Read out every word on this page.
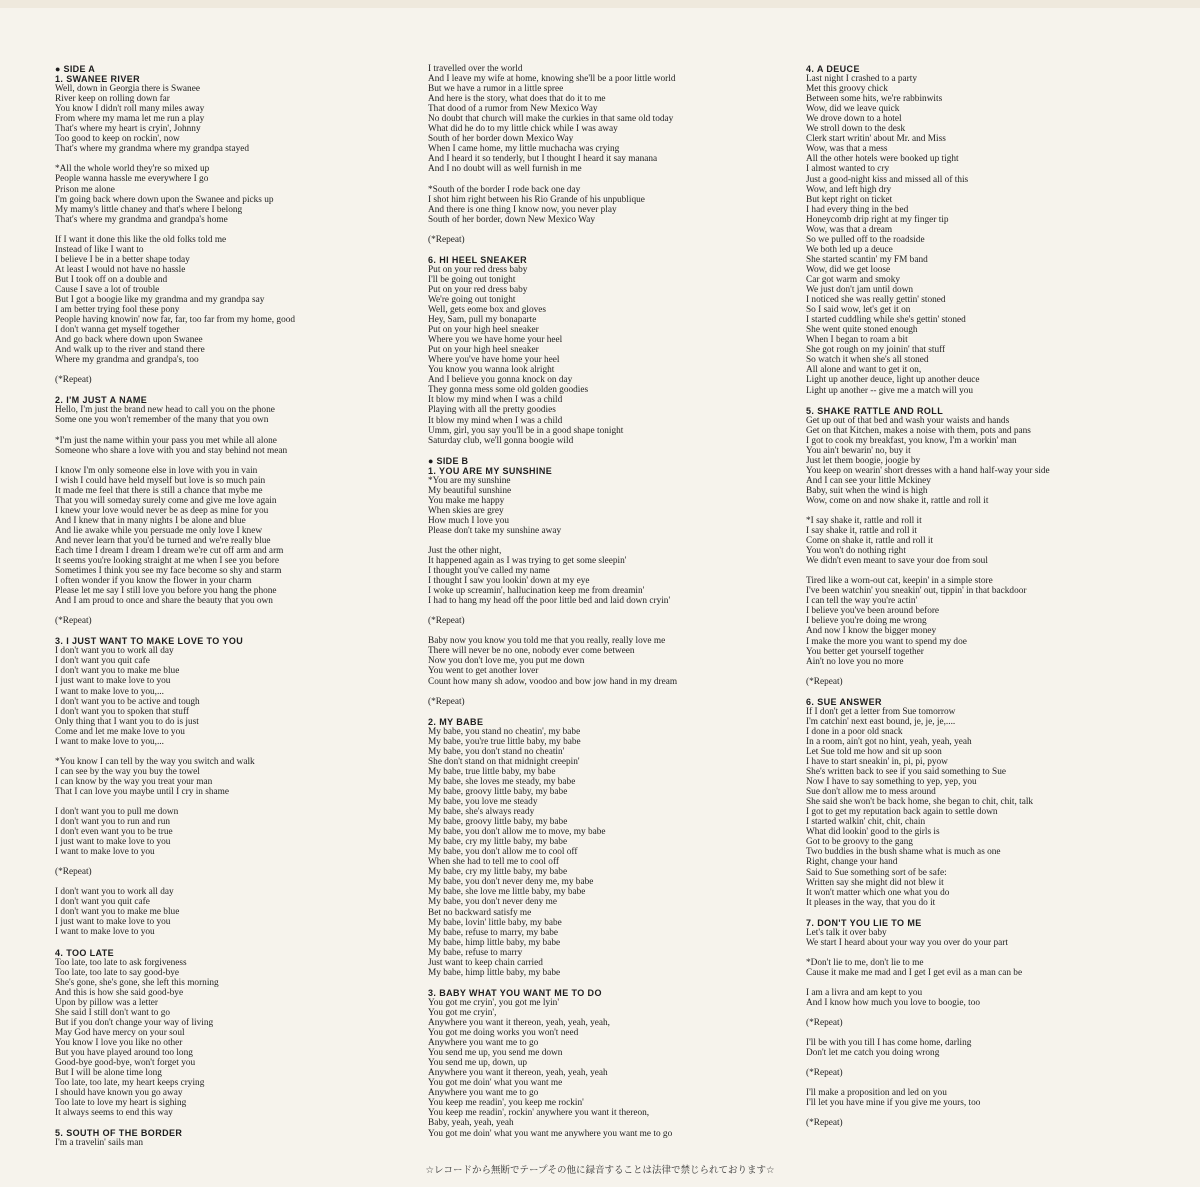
● SIDE A
1. SWANEE RIVER
Well, down in Georgia there is Swanee
River keep on rolling down far
You know I didn't roll many miles away
From where my mama let me run a play
That's where my heart is cryin', Johnny
Too good to keep on rockin', now
That's where my grandma where my grandpa stayed
*All the whole world they're so mixed up
People wanna hassle me everywhere I go
Prison me alone
I'm going back where down upon the Swanee and picks up
My mamy's little chaney and that's where I belong
That's where my grandma and grandpa's home
If I want it done this like the old folks told me
Instead of like I want to
I believe I be in a better shape today
At least I would not have no hassle
But I took off on a double and
Cause I save a lot of trouble
But I got a boogie like my grandma and my grandpa say
I am better trying fool these pony
People having knowin' now far, far, too far from my home, good
I don't wanna get myself together
And go back where down upon Swanee
And walk up to the river and stand there
Where my grandma and grandpa's, too
(*Repeat)
2. I'M JUST A NAME
Hello, I'm just the brand new head to call you on the phone
Some one you won't remember of the many that you own
*I'm just the name within your pass you met while all alone
Someone who share a love with you and stay behind not mean
I know I'm only someone else in love with you in vain
I wish I could have held myself but love is so much pain
It made me feel that there is still a chance that mybe me
That you will someday surely come and give me love again
I knew your love would never be as deep as mine for you
And I knew that in many nights I be alone and blue
And lie awake while you persuade me only love I knew
And never learn that you'd be turned and we're really blue
Each time I dream I dream I dream we're cut off arm and arm
It seems you're looking straight at me when I see you before
Sometimes I think you see my face become so shy and starm
I often wonder if you know the flower in your charm
Please let me say I still love you before you hang the phone
And I am proud to once and share the beauty that you own
(*Repeat)
3. I JUST WANT TO MAKE LOVE TO YOU
I don't want you to work all day
I don't want you quit cafe
I don't want you to make me blue
I just want to make love to you
I want to make love to you,...
I don't want you to be active and tough
I don't want you to spoken that stuff
Only thing that I want you to do is just
Come and let me make love to you
I want to make love to you,...
*You know I can tell by the way you switch and walk
I can see by the way you buy the towel
I can know by the way you treat your man
That I can love you maybe until I cry in shame
I don't want you to pull me down
I don't want you to run and run
I don't even want you to be true
I just want to make love to you
I want to make love to you
(*Repeat)
I don't want you to work all day
I don't want you quit cafe
I don't want you to make me blue
I just want to make love to you
I want to make love to you
4. TOO LATE
Too late, too late to ask forgiveness
Too late, too late to say good-bye
She's gone, she's gone, she left this morning
And this is how she said good-bye
Upon by pillow was a letter
She said I still don't want to go
But if you don't change your way of living
May God have mercy on your soul
You know I love you like no other
But you have played around too long
Good-bye good-bye, won't forget you
But I will be alone time long
Too late, too late, my heart keeps crying
I should have known you go away
Too late to love my heart is sighing
It always seems to end this way
5. SOUTH OF THE BORDER
I'm a travelin' sails man
I travelled over the world
And I leave my wife at home, knowing she'll be a poor little world
But we have a rumor in a little spree
And here is the story, what does that do it to me
That dood of a rumor from New Mexico Way
No doubt that church will make the curkies in that same old today
What did he do to my little chick while I was away
South of her border down Mexico Way
When I came home, my little muchacha was crying
And I heard it so tenderly, but I thought I heard it say manana
And I no doubt will as well furnish in me
*South of the border I rode back one day
I shot him right between his Rio Grande of his unpublique
And there is one thing I know now, you never play
South of her border, down New Mexico Way
(*Repeat)
6. HI HEEL SNEAKER
Put on your red dress baby
I'll be going out tonight
Put on your red dress baby
We're going out tonight
Well, gets eome box and gloves
Hey, Sam, pull my bonaparte
Put on your high heel sneaker
Where you we have home your heel
Put on your high heel sneaker
Where you've have home your heel
You know you wanna look alright
And I believe you gonna knock on day
They gonna mess some old golden goodies
It blow my mind when I was a child
Playing with all the pretty goodies
It blow my mind when I was a child
Umm, girl, you say you'll be in a good shape tonight
Saturday club, we'll gonna boogie wild
● SIDE B
1. YOU ARE MY SUNSHINE
*You are my sunshine
My beautiful sunshine
You make me happy
When skies are grey
How much I love you
Please don't take my sunshine away
Just the other night,
It happened again as I was trying to get some sleepin'
I thought you've called my name
I thought I saw you lookin' down at my eye
I woke up screamin', hallucination keep me from dreamin'
I had to hang my head off the poor little bed and laid down cryin'
(*Repeat)
Baby now you know you told me that you really, really love me
There will never be no one, nobody ever come between
Now you don't love me, you put me down
You went to get another lover
Count how many sh adow, voodoo and bow jow hand in my dream
(*Repeat)
2. MY BABE
My babe, you stand no cheatin', my babe
My babe, you're true little baby, my babe
My babe, you don't stand no cheatin'
She don't stand on that midnight creepin'
My babe, true little baby, my babe
My babe, she loves me steady, my babe
My babe, groovy little baby, my babe
My babe, you love me steady
My babe, she's always ready
My babe, groovy little baby, my babe
My babe, you don't allow me to move, my babe
My babe, cry my little baby, my babe
My babe, you don't allow me to cool off
When she had to tell me to cool off
My babe, cry my little baby, my babe
My babe, you don't never deny me, my babe
My babe, she love me little baby, my babe
My babe, you don't never deny me
Bet no backward satisfy me
My babe, lovin' little baby, my babe
My babe, refuse to marry, my babe
My babe, himp little baby, my babe
My babe, refuse to marry
Just want to keep chain carried
My babe, himp little baby, my babe
3. BABY WHAT YOU WANT ME TO DO
You got me cryin', you got me lyin'
You got me cryin',
Anywhere you want it thereon, yeah, yeah, yeah,
You got me doing works you won't need
Anywhere you want me to go
You send me up, you send me down
You send me up, down, up
Anywhere you want it thereon, yeah, yeah, yeah
You got me doin' what you want me
Anywhere you want me to go
You keep me readin', you keep me rockin'
You keep me readin', rockin' anywhere you want it thereon,
Baby, yeah, yeah, yeah
You got me doin' what you want me anywhere you want me to go
4. A DEUCE
Last night I crashed to a party
Met this groovy chick
Between some hits, we're rabbinwits
Wow, did we leave quick
We drove down to a hotel
We stroll down to the desk
Clerk start writin' about Mr. and Miss
Wow, was that a mess
All the other hotels were booked up tight
I almost wanted to cry
Just a good-night kiss and missed all of this
Wow, and left high dry
But kept right on ticket
I had every thing in the bed
Honeycomb drip right at my finger tip
Wow, was that a dream
So we pulled off to the roadside
We both led up a deuce
She started scantin' my FM band
Wow, did we get loose
Car got warm and smoky
We just don't jam until down
I noticed she was really gettin' stoned
So I said wow, let's get it on
I started cuddling while she's gettin' stoned
She went quite stoned enough
When I began to roam a bit
She got rough on my joinin' that stuff
So watch it when she's all stoned
All alone and want to get it on,
Light up another deuce, light up another deuce
Light up another -- give me a match will you
5. SHAKE RATTLE AND ROLL
Get up out of that bed and wash your waists and hands
Get on that Kitchen, makes a noise with them, pots and pans
I got to cook my breakfast, you know, I'm a workin' man
You ain't bewarin' no, buy it
Just let them boogie, joogie by
You keep on wearin' short dresses with a hand half-way your side
And I can see your little Mckiney
Baby, suit when the wind is high
Wow, come on and now shake it, rattle and roll it
*I say shake it, rattle and roll it
I say shake it, rattle and roll it
Come on shake it, rattle and roll it
You won't do nothing right
We didn't even meant to save your doe from soul
Tired like a worn-out cat, keepin' in a simple store
I've been watchin' you sneakin' out, tippin' in that backdoor
I can tell the way you're actin'
I believe you've been around before
I believe you're doing me wrong
And now I know the bigger money
I make the more you want to spend my doe
You better get yourself together
Ain't no love you no more
(*Repeat)
6. SUE ANSWER
If I don't get a letter from Sue tomorrow
I'm catchin' next east bound, je, je, je,....
I done in a poor old snack
In a room, ain't got no hint, yeah, yeah, yeah
Let Sue told me how and sit up soon
I have to start sneakin' in, pi, pi, pyow
She's written back to see if you said something to Sue
Now I have to say something to yep, yep, you
Sue don't allow me to mess around
She said she won't be back home, she began to chit, chit, talk
I got to get my reputation back again to settle down
I started walkin' chit, chit, chain
What did lookin' good to the girls is
Got to be groovy to the gang
Two buddies in the bush shame what is much as one
Right, change your hand
Said to Sue something sort of be safe:
Written say she might did not blew it
It won't matter which one what you do
It pleases in the way, that you do it
7. DON'T YOU LIE TO ME
Let's talk it over baby
We start I heard about your way you over do your part
*Don't lie to me, don't lie to me
Cause it make me mad and I get I get evil as a man can be
I am a livra and am kept to you
And I know how much you love to boogie, too
(*Repeat)
I'll be with you till I has come home, darling
Don't let me catch you doing wrong
(*Repeat)
I'll make a proposition and led on you
I'll let you have mine if you give me yours, too
(*Repeat)
☆レコードから無断でテープその他に録音することは法律で禁じられております☆
